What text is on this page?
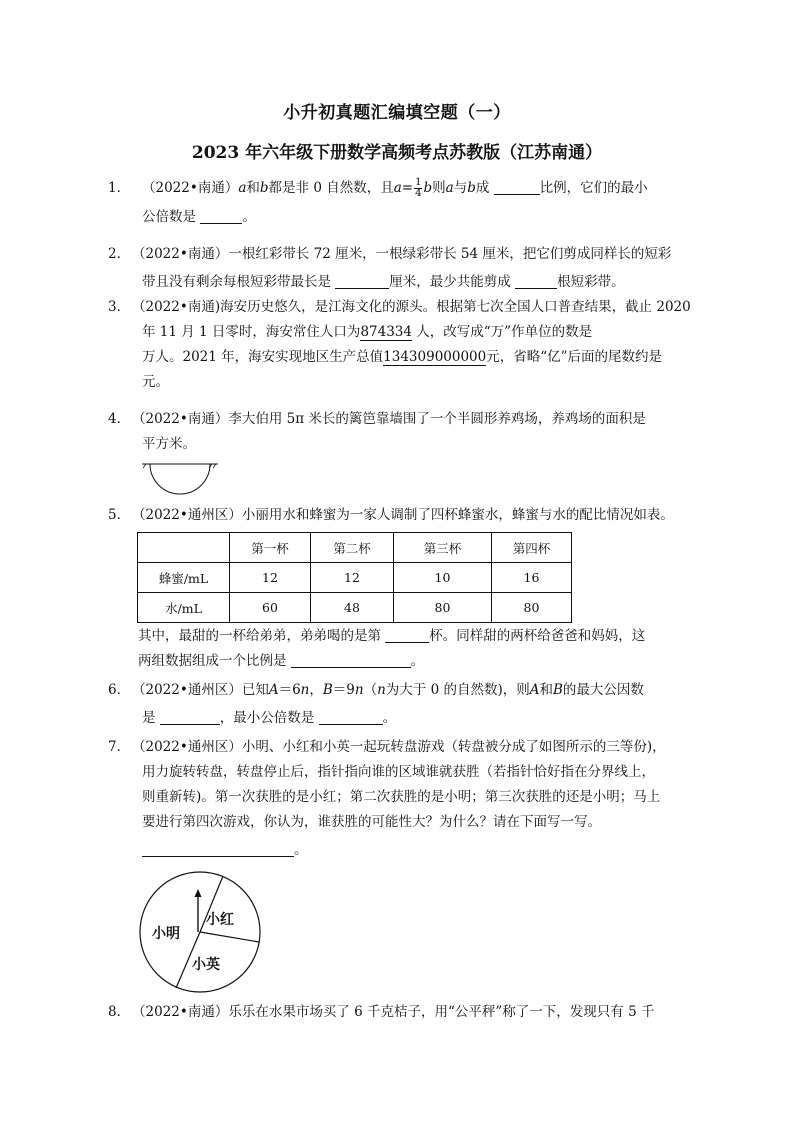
小升初真题汇编填空题（一）
2023 年六年级下册数学高频考点苏教版（江苏南通）
1． （2022•南通）a和b都是非 0 自然数，且$a= \frac{1}{4}$ b则a与b成	比例，它们的最小
公倍数是	。
2． （2022•南通）一根红彩带长 72 厘米，一根绿彩带长 54 厘米，把它们剪成同样长的短彩
带且没有剩余每根短彩带最长是	厘米，最少共能剪成	根短彩带。
3． （2022•南通)海安历史悠久，是江海文化的源头。根据第七次全国人口普查结果，截止 2020
年 11 月 1 日零时，海安常住人口为874334 人，改写成“万”作单位的数是
万人。2021 年，海安实现地区生产总值134309000000元，省略“亿”后面的尾数约是
元。
4． （2022•南通）李大伯用 5π 米长的篱笆靠墙围了一个半圆形养鸡场，养鸡场的面积是
平方米。
5． （2022•通州区）小丽用水和蜂蜜为一家人调制了四杯蜂蜜水，蜂蜜与水的配比情况如表。
	第一杯	第二杯	第三杯	第四杯
蜂蜜/mL	12	12	10	16
水/mL	60	48	80	80
其中，最甜的一杯给弟弟，弟弟喝的是第	杯。同样甜的两杯给爸爸和妈妈，这
两组数据组成一个比例是	。
6． （2022•通州区）已知A＝6n，B＝9n（n为大于 0 的自然数)，则A和B的最大公因数
是	，最小公倍数是	。
7． （2022•通州区）小明、小红和小英一起玩转盘游戏（转盘被分成了如图所示的三等份)，
用力旋转转盘，转盘停止后，指针指向谁的区域谁就获胜（若指针恰好指在分界线上，
则重新转)。第一次获胜的是小红；第二次获胜的是小明；第三次获胜的还是小明；马上
要进行第四次游戏，你认为，谁获胜的可能性大？为什么？请在下面写一写。
。
小红
小明
小英
8． （2022•南通）乐乐在水果市场买了 6 千克桔子，用“公平秤”称了一下，发现只有 5 千
